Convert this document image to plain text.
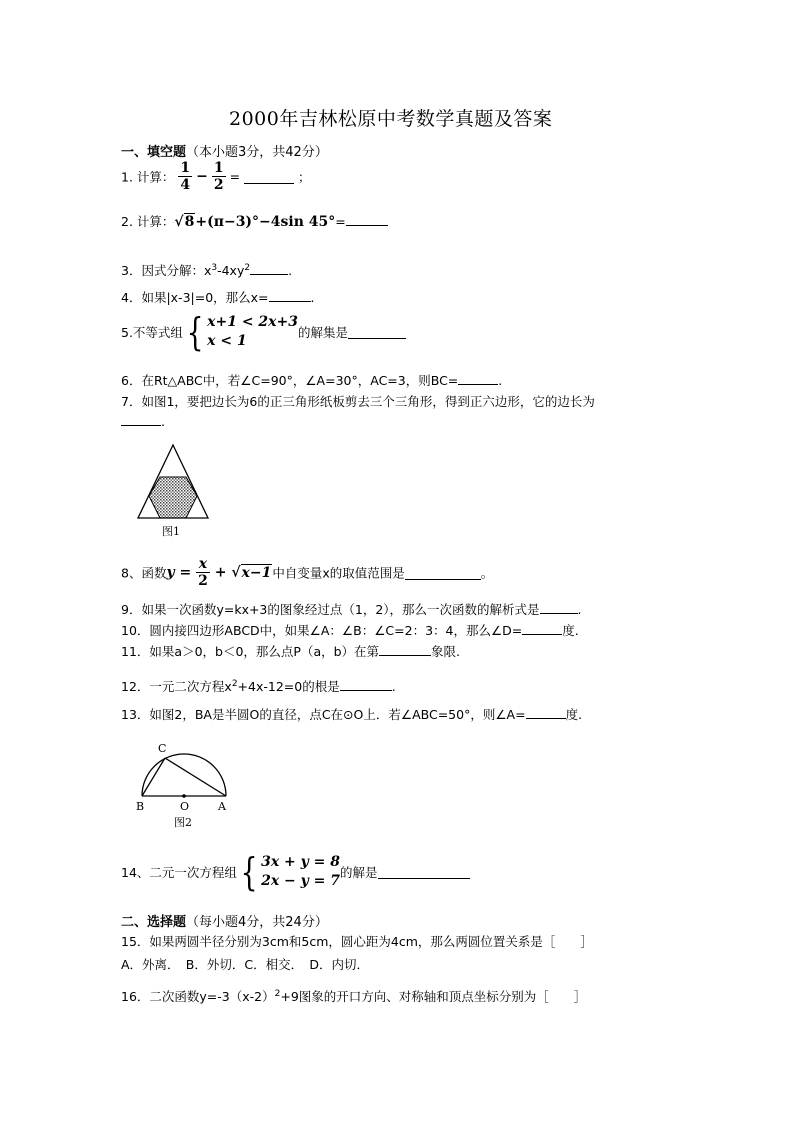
2000年吉林松原中考数学真题及答案
一、填空题（本小题3分，共42分）
1. 计算： $\frac{1}{4} - \frac{1}{2}$ =	；
2. 计算：√8+(π−3)°−4sin 45°=
3．因式分解：$x^3-4xy^2$	.
4．如果|x-3|=0，那么x=	.
5.不等式组{ x+1 < 2x+3
x < 1
的解集是
6．在Rt△ABC中，若∠C=90°，∠A=30°，AC=3，则BC=	.
7．如图1，要把边长为6的正三角形纸板剪去三个三角形，得到正六边形，它的边长为
.
图1
8、函数$y = \frac{x}{2} + √x-1$中自变量x的取值范围是	。
9．如果一次函数y=kx+3的图象经过点（1，2），那么一次函数的解析式是	.
10．圆内接四边形ABCD中，如果∠A：∠B：∠C=2：3：4，那么∠D=	度.
11．如果a＞0，b＜0，那么点P（a，b）在第	象限.
12．一元二次方程$x^2+4x-12=0$的根是	.
13．如图2，BA是半圆O的直径，点C在⊙O上．若∠ABC=50°，则∠A=	度.
C
B	O	A
图2
14、二元一次方程组{ 3x + y = 8
2x − y = 7
的解是
二、选择题（每小题4分，共24分）
15．如果两圆半径分别为3cm和5cm，圆心距为4cm，那么两圆位置关系是［　　］
A．外离．　B．外切．C．相交．　D．内切．
16．二次函数$y=-3(x-2)^2+9$图象的开口方向、对称轴和顶点坐标分别为［　　］
